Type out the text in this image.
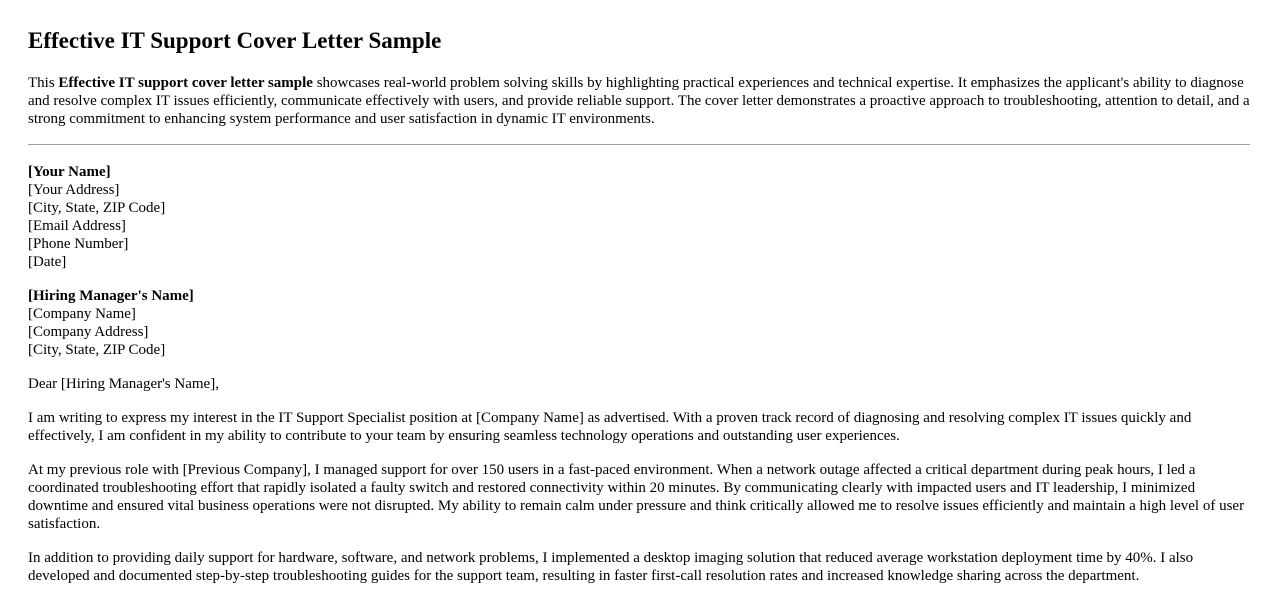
Effective IT Support Cover Letter Sample
This Effective IT support cover letter sample showcases real-world problem solving skills by highlighting practical experiences and technical expertise. It emphasizes the applicant's ability to diagnose and resolve complex IT issues efficiently, communicate effectively with users, and provide reliable support. The cover letter demonstrates a proactive approach to troubleshooting, attention to detail, and a strong commitment to enhancing system performance and user satisfaction in dynamic IT environments.
[Your Name]
[Your Address]
[City, State, ZIP Code]
[Email Address]
[Phone Number]
[Date]
[Hiring Manager's Name]
[Company Name]
[Company Address]
[City, State, ZIP Code]

Dear [Hiring Manager's Name],

I am writing to express my interest in the IT Support Specialist position at [Company Name] as advertised. With a proven track record of diagnosing and resolving complex IT issues quickly and effectively, I am confident in my ability to contribute to your team by ensuring seamless technology operations and outstanding user experiences.

At my previous role with [Previous Company], I managed support for over 150 users in a fast-paced environment. When a network outage affected a critical department during peak hours, I led a coordinated troubleshooting effort that rapidly isolated a faulty switch and restored connectivity within 20 minutes. By communicating clearly with impacted users and IT leadership, I minimized downtime and ensured vital business operations were not disrupted. My ability to remain calm under pressure and think critically allowed me to resolve issues efficiently and maintain a high level of user satisfaction.

In addition to providing daily support for hardware, software, and network problems, I implemented a desktop imaging solution that reduced average workstation deployment time by 40%. I also developed and documented step-by-step troubleshooting guides for the support team, resulting in faster first-call resolution rates and increased knowledge sharing across the department.
